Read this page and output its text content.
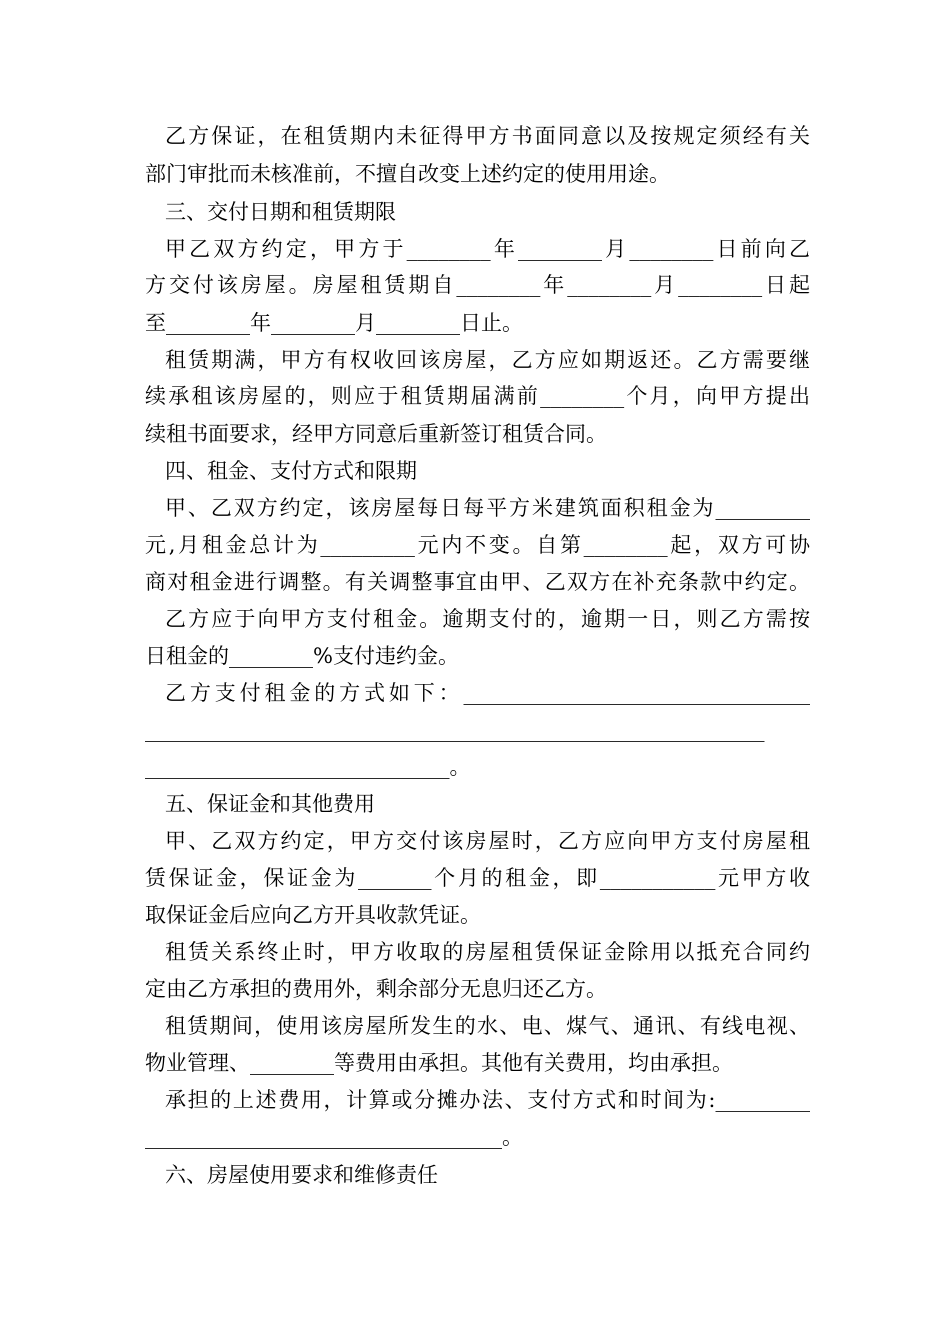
乙方保证，在租赁期内未征得甲方书面同意以及按规定须经有关
部门审批而未核准前，不擅自改变上述约定的使用用途。
三、交付日期和租赁期限
甲乙双方约定，甲方于________年________月________日前向乙
方交付该房屋。房屋租赁期自________年________月________日起
至________年________月________日止。
租赁期满，甲方有权收回该房屋，乙方应如期返还。乙方需要继
续承租该房屋的，则应于租赁期届满前________个月，向甲方提出
续租书面要求，经甲方同意后重新签订租赁合同。
四、租金、支付方式和限期
甲、乙双方约定，该房屋每日每平方米建筑面积租金为_________
元,月租金总计为_________元内不变。自第________起，双方可协
商对租金进行调整。有关调整事宜由甲、乙双方在补充条款中约定。
乙方应于向甲方支付租金。逾期支付的，逾期一日，则乙方需按
日租金的________%支付违约金。
乙方支付租金的方式如下：_________________________________
___________________________________________________________
_____________________________。
五、保证金和其他费用
甲、乙双方约定，甲方交付该房屋时，乙方应向甲方支付房屋租
赁保证金，保证金为_______个月的租金，即___________元甲方收
取保证金后应向乙方开具收款凭证。
租赁关系终止时，甲方收取的房屋租赁保证金除用以抵充合同约
定由乙方承担的费用外，剩余部分无息归还乙方。
租赁期间，使用该房屋所发生的水、电、煤气、通讯、有线电视、
物业管理、________等费用由承担。其他有关费用，均由承担。
承担的上述费用，计算或分摊办法、支付方式和时间为:_________
__________________________________。
六、房屋使用要求和维修责任
